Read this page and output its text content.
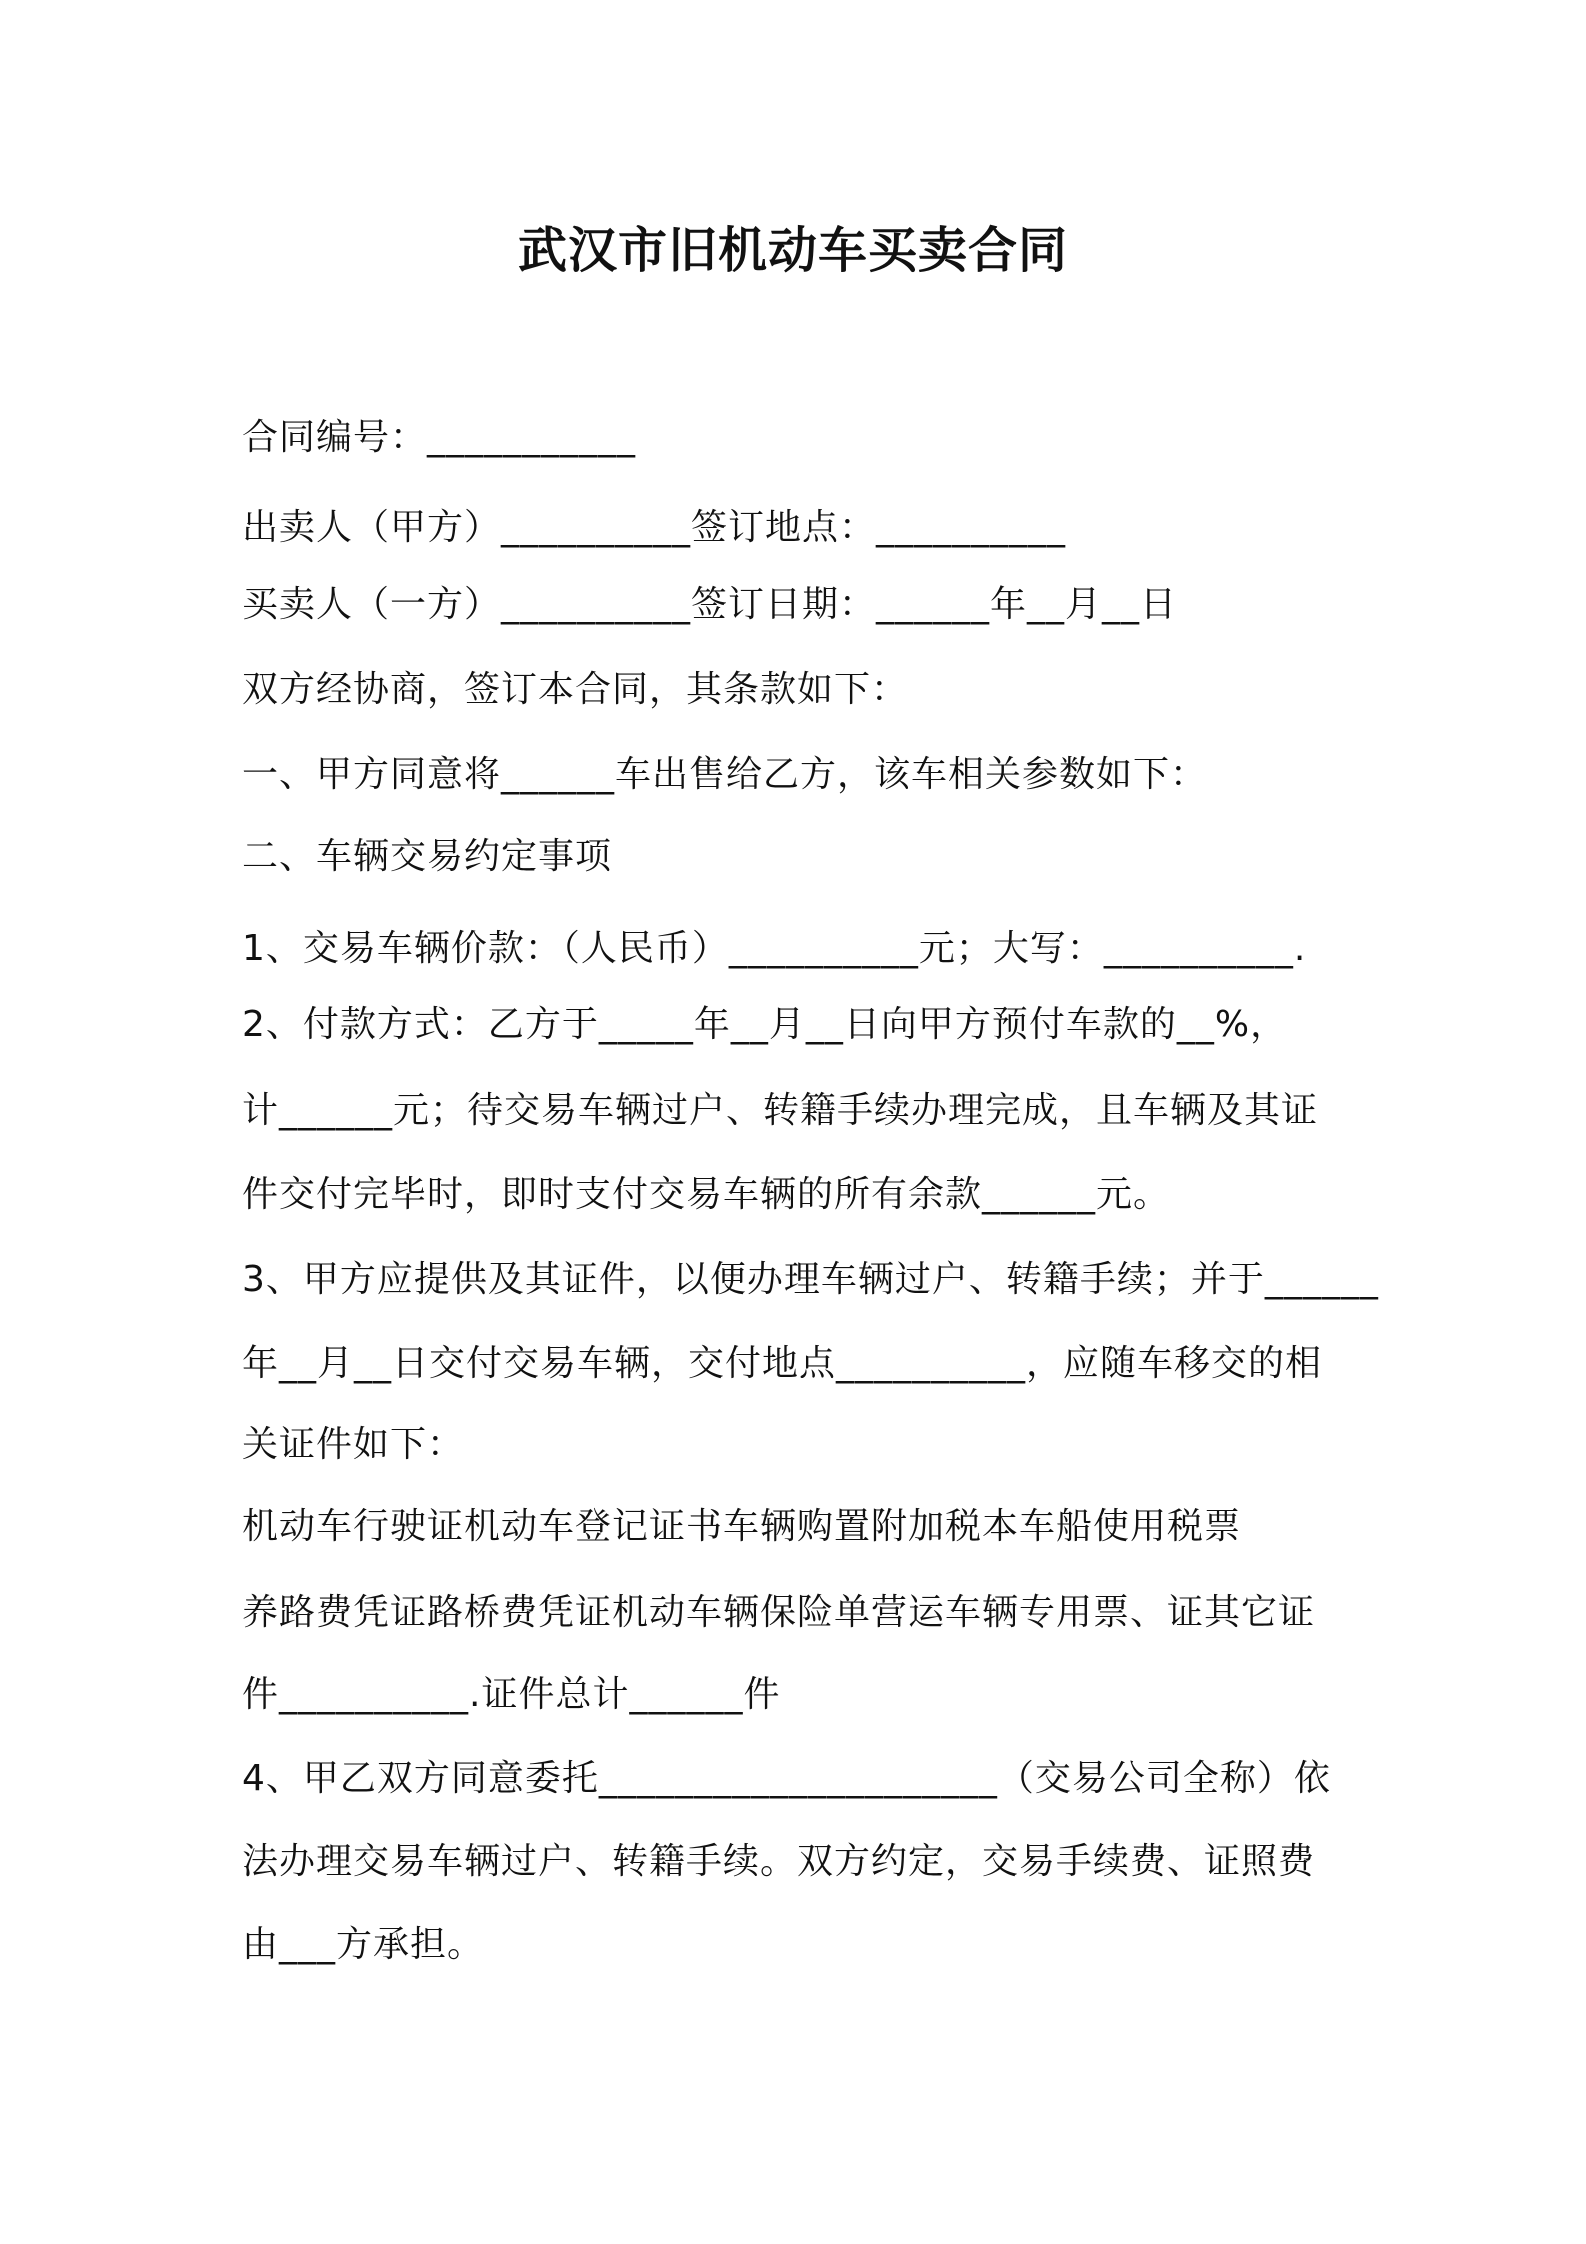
武汉市旧机动车买卖合同

合同编号：___________

出卖人（甲方）__________签订地点：__________

买卖人（一方）__________签订日期：______年__月__日

双方经协商，签订本合同，其条款如下：

一、甲方同意将______车出售给乙方，该车相关参数如下：

二、车辆交易约定事项

1、交易车辆价款：（人民币）__________元；大写：__________.

2、付款方式：乙方于_____年__月__日向甲方预付车款的__%，

计______元；待交易车辆过户、转籍手续办理完成，且车辆及其证

件交付完毕时，即时支付交易车辆的所有余款______元。

3、甲方应提供及其证件，以便办理车辆过户、转籍手续；并于______

年__月__日交付交易车辆，交付地点__________，应随车移交的相

关证件如下：

机动车行驶证机动车登记证书车辆购置附加税本车船使用税票

养路费凭证路桥费凭证机动车辆保险单营运车辆专用票、证其它证

件__________.证件总计______件

4、甲乙双方同意委托_____________________（交易公司全称）依

法办理交易车辆过户、转籍手续。双方约定，交易手续费、证照费

由___方承担。
